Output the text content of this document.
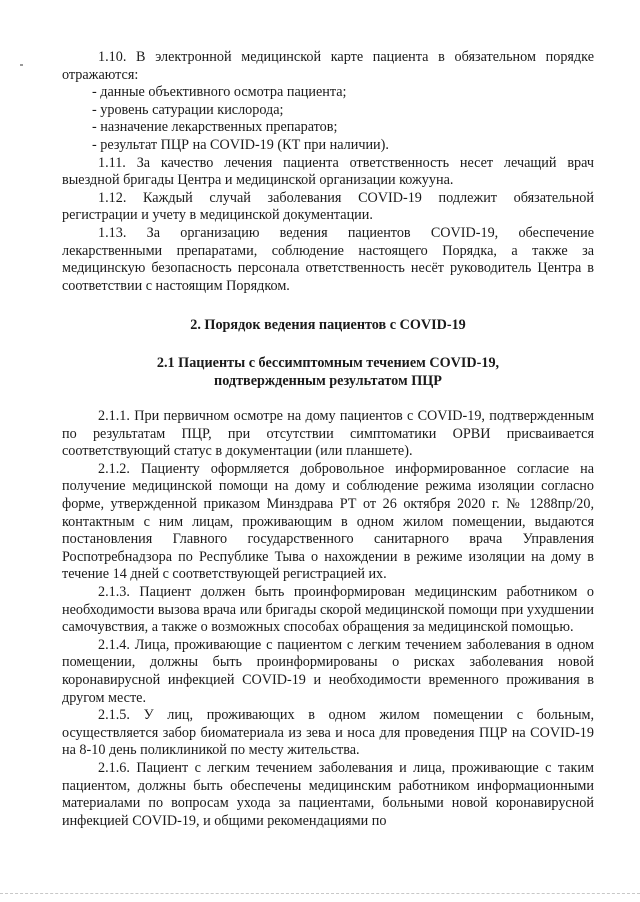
1.10. В электронной медицинской карте пациента в обязательном порядке отражаются:

- данные объективного осмотра пациента;

- уровень сатурации кислорода;

- назначение лекарственных препаратов;

- результат ПЦР на COVID-19 (КТ при наличии).

1.11. За качество лечения пациента ответственность несет лечащий врач выездной бригады Центра и медицинской организации кожууна.

1.12. Каждый случай заболевания COVID-19 подлежит обязательной регистрации и учету в медицинской документации.

1.13. За организацию ведения пациентов COVID-19, обеспечение лекарственными препаратами, соблюдение настоящего Порядка, а также за медицинскую безопасность персонала ответственность несёт руководитель Центра в соответствии с настоящим Порядком.

2. Порядок ведения пациентов с COVID-19

2.1 Пациенты с бессимптомным течением COVID-19,
подтвержденным результатом ПЦР

2.1.1. При первичном осмотре на дому пациентов с COVID-19, подтвержденным по результатам ПЦР, при отсутствии симптоматики ОРВИ присваивается соответствующий статус в документации (или планшете).

2.1.2. Пациенту оформляется добровольное информированное согласие на получение медицинской помощи на дому и соблюдение режима изоляции согласно форме, утвержденной приказом Минздрава РТ от 26 октября 2020 г. № 1288пр/20, контактным с ним лицам, проживающим в одном жилом помещении, выдаются постановления Главного государственного санитарного врача Управления Роспотребнадзора по Республике Тыва о нахождении в режиме изоляции на дому в течение 14 дней с соответствующей регистрацией их.

2.1.3. Пациент должен быть проинформирован медицинским работником о необходимости вызова врача или бригады скорой медицинской помощи при ухудшении самочувствия, а также о возможных способах обращения за медицинской помощью.

2.1.4. Лица, проживающие с пациентом с легким течением заболевания в одном помещении, должны быть проинформированы о рисках заболевания новой коронавирусной инфекцией COVID-19 и необходимости временного проживания в другом месте.

2.1.5. У лиц, проживающих в одном жилом помещении с больным, осуществляется забор биоматериала из зева и носа для проведения ПЦР на COVID-19 на 8-10 день поликлиникой по месту жительства.

2.1.6. Пациент с легким течением заболевания и лица, проживающие с таким пациентом, должны быть обеспечены медицинским работником информационными материалами по вопросам ухода за пациентами, больными новой коронавирусной инфекцией COVID-19, и общими рекомендациями по
